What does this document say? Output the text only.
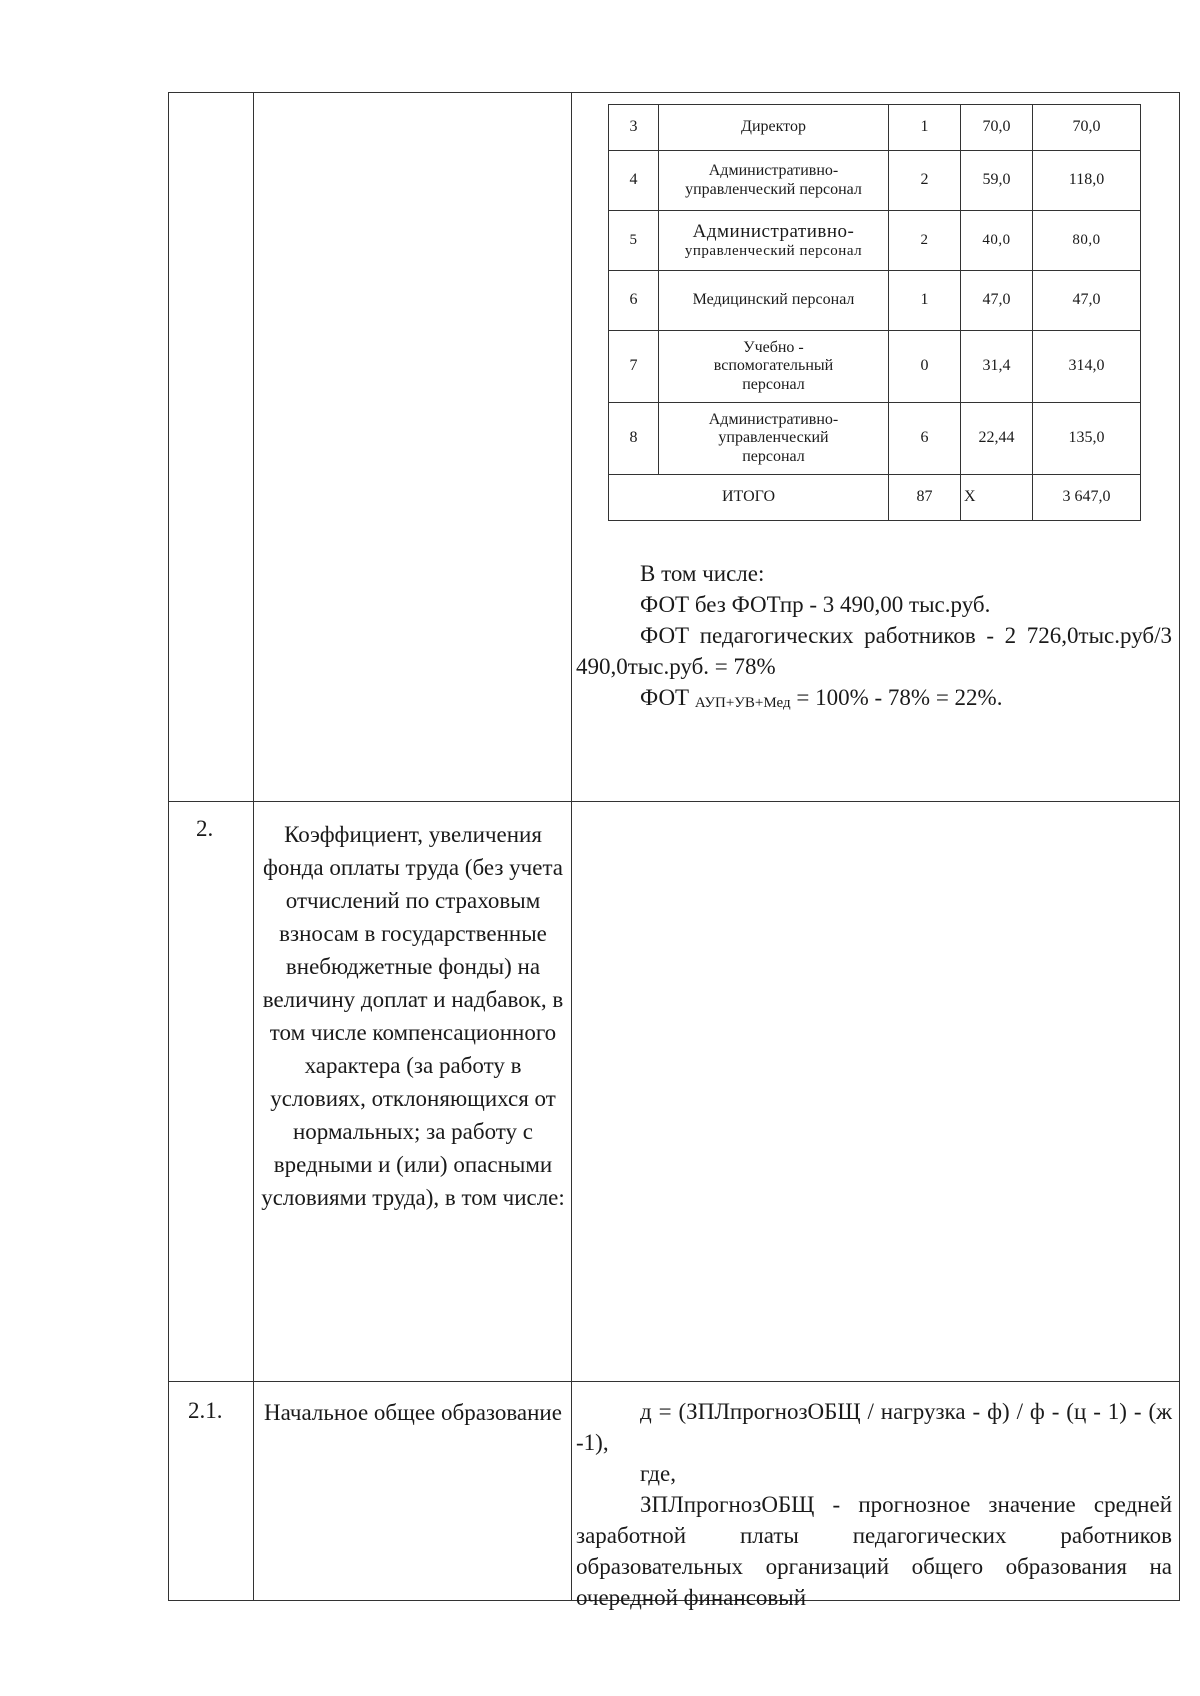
3	Директор	1	70,0	70,0
4	Административно-
управленческий персонал	2	59,0	118,0
5	Административно-
управленческий персонал	2	40,0	80,0
6	Медицинский персонал	1	47,0	47,0
7	Учебно -
вспомогательный
персонал	0	31,4	314,0
8	Административно-
управленческий
персонал	6	22,44	135,0
ИТОГО		87	X	3 647,0
В том числе:
ФОТ без ФОТпр - 3 490,00 тыс.руб.
ФОТ педагогических работников - 2 726,0тыс.руб/3 490,0тыс.руб. = 78%
ФОТ АУП+УВ+Мед = 100% - 78% = 22%.
2.	Коэффициент, увеличения фонда оплаты труда (без учета отчислений по страховым взносам в государственные внебюджетные фонды) на величину доплат и надбавок, в том числе компенсационного характера (за работу в условиях, отклоняющихся от нормальных; за работу с вредными и (или) опасными условиями труда), в том числе:
2.1. Начальное общее образование	д = (ЗПЛпрогнозОБЩ / нагрузка - ф) / ф - (ц - 1) - (ж -1),
где,
ЗПЛпрогнозОБЩ - прогнозное значение средней заработной платы педагогических работников образовательных организаций общего образования на очередной финансовый
